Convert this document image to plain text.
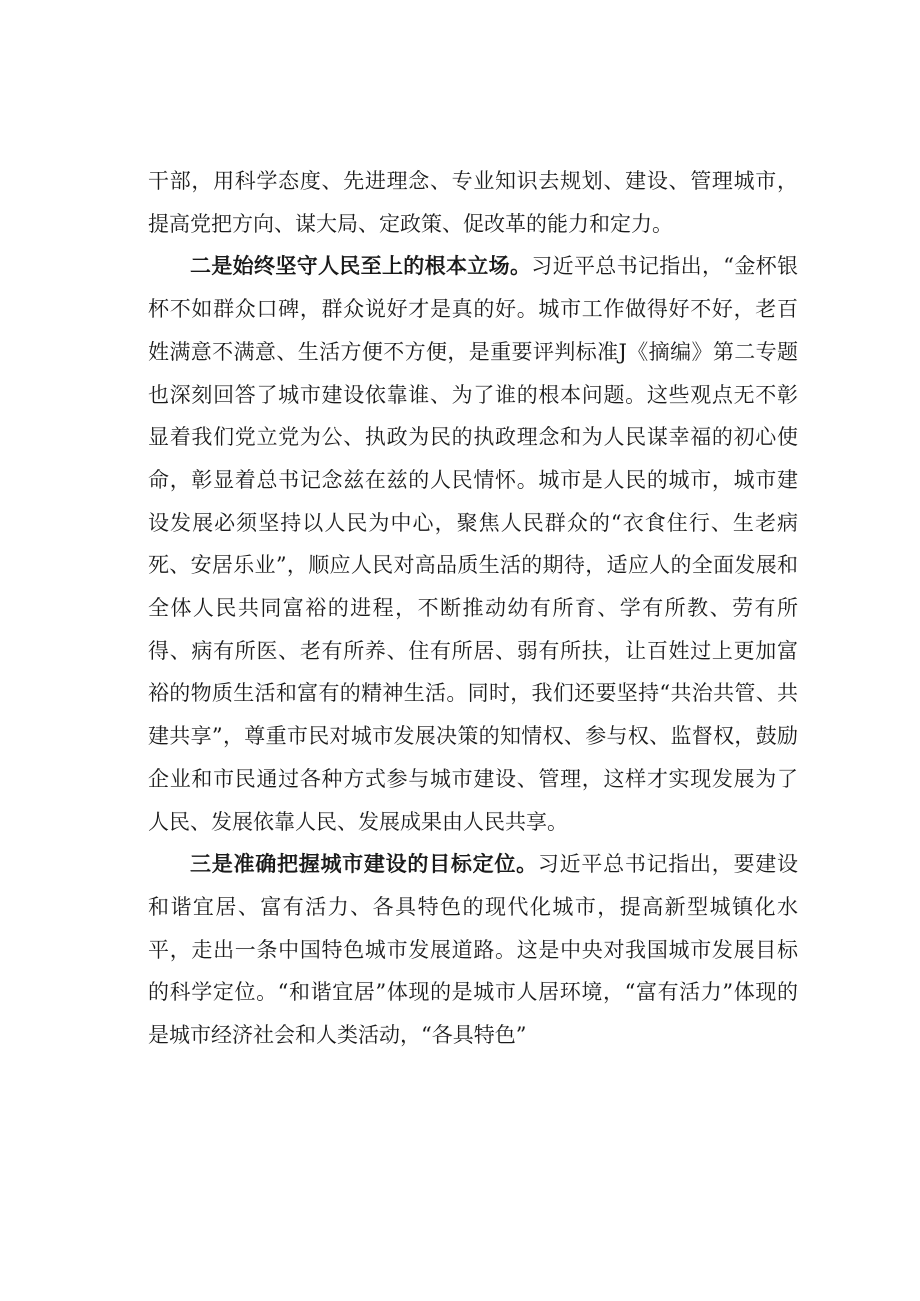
干部，用科学态度、先进理念、专业知识去规划、建设、管理城市，提高党把方向、谋大局、定政策、促改革的能力和定力。

二是始终坚守人民至上的根本立场。习近平总书记指出，“金杯银杯不如群众口碑，群众说好才是真的好。城市工作做得好不好，老百姓满意不满意、生活方便不方便，是重要评判标准J《摘编》第二专题也深刻回答了城市建设依靠谁、为了谁的根本问题。这些观点无不彰显着我们党立党为公、执政为民的执政理念和为人民谋幸福的初心使命，彰显着总书记念兹在兹的人民情怀。城市是人民的城市，城市建设发展必须坚持以人民为中心，聚焦人民群众的“衣食住行、生老病死、安居乐业”，顺应人民对高品质生活的期待，适应人的全面发展和全体人民共同富裕的进程，不断推动幼有所育、学有所教、劳有所得、病有所医、老有所养、住有所居、弱有所扶，让百姓过上更加富裕的物质生活和富有的精神生活。同时，我们还要坚持“共治共管、共建共享”，尊重市民对城市发展决策的知情权、参与权、监督权，鼓励企业和市民通过各种方式参与城市建设、管理，这样才实现发展为了人民、发展依靠人民、发展成果由人民共享。

三是准确把握城市建设的目标定位。习近平总书记指出，要建设和谐宜居、富有活力、各具特色的现代化城市，提高新型城镇化水平，走出一条中国特色城市发展道路。这是中央对我国城市发展目标的科学定位。“和谐宜居”体现的是城市人居环境，“富有活力”体现的是城市经济社会和人类活动，“各具特色”
